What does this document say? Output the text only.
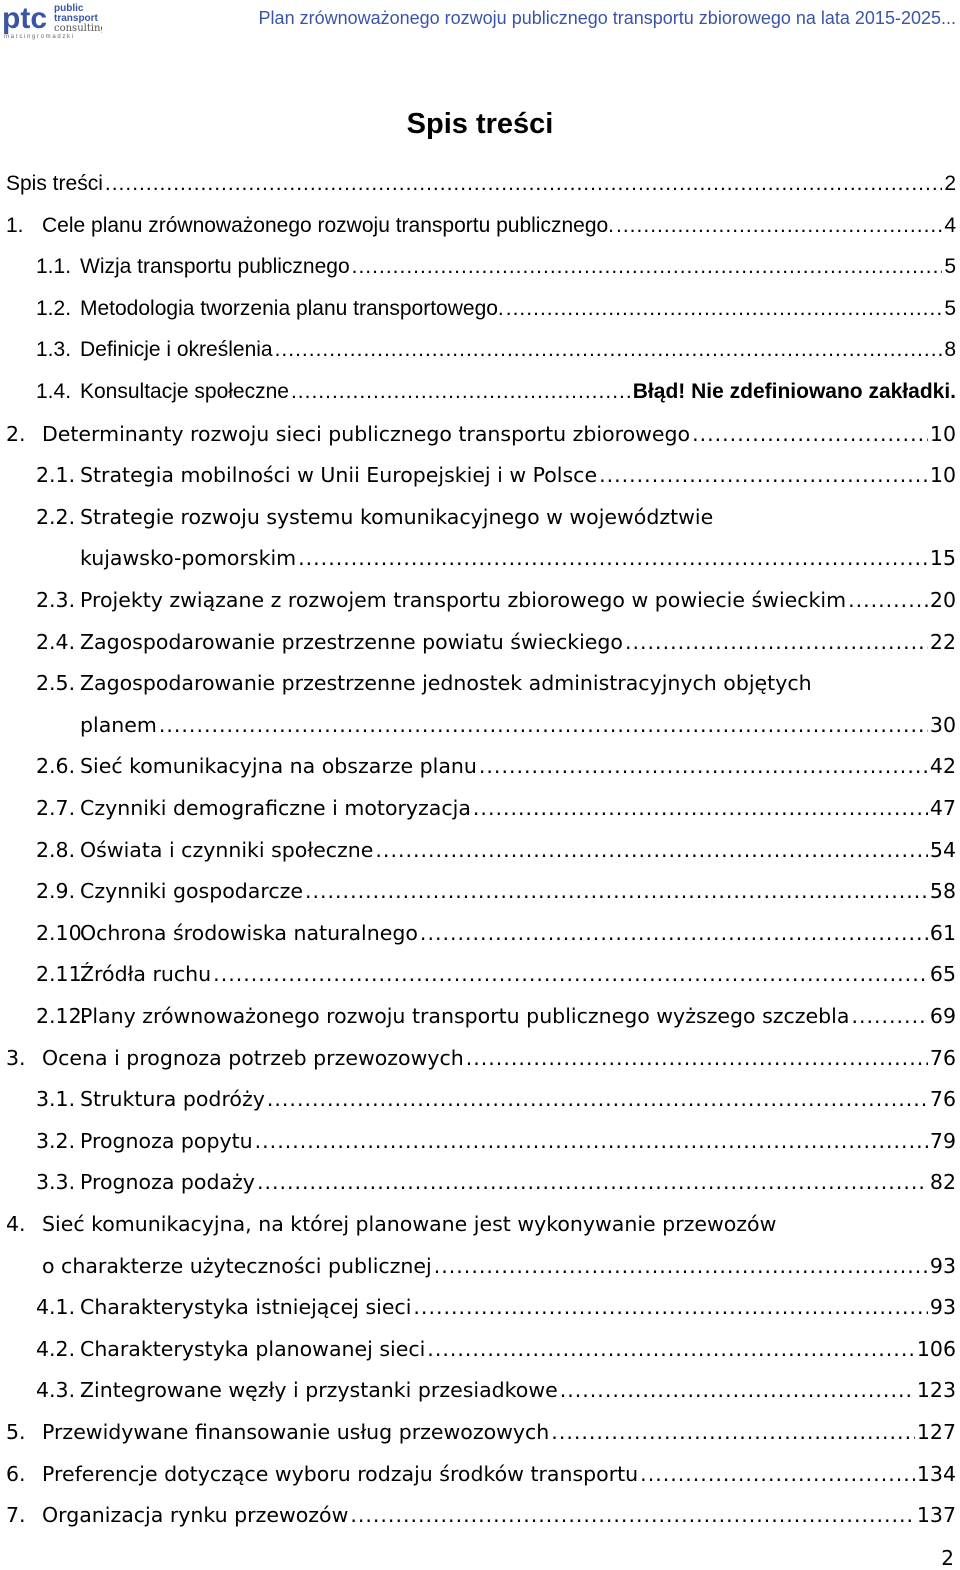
ptc public
transport
consulting
m a r c i n g r o m a d z k i
Plan zrównoważonego rozwoju publicznego transportu zbiorowego na lata 2015-2025...
Spis treści
Spis treści .....	2
1. Cele planu zrównoważonego rozwoju transportu publicznego. .....	4
1.1. Wizja transportu publicznego .....	5
1.2. Metodologia tworzenia planu transportowego. .....	5
1.3. Definicje i określenia .....	8
1.4. Konsultacje społeczne .....	Błąd! Nie zdefiniowano zakładki.
2. Determinanty rozwoju sieci publicznego transportu zbiorowego .....	10
2.1. Strategia mobilności w Unii Europejskiej i w Polsce .....	10
2.2. Strategie rozwoju systemu komunikacyjnego w województwie
kujawsko-pomorskim .....	15
2.3. Projekty związane z rozwojem transportu zbiorowego w powiecie świeckim .....	20
2.4. Zagospodarowanie przestrzenne powiatu świeckiego .....	22
2.5. Zagospodarowanie przestrzenne jednostek administracyjnych objętych
planem .....	30
2.6. Sieć komunikacyjna na obszarze planu .....	42
2.7. Czynniki demograficzne i motoryzacja .....	47
2.8. Oświata i czynniki społeczne .....	54
2.9. Czynniki gospodarcze .....	58
2.10.
Ochrona środowiska naturalnego .....	61
2.11.
Źródła ruchu .....	65
2.12.
Plany zrównoważonego rozwoju transportu publicznego wyższego szczebla .....	69
3. Ocena i prognoza potrzeb przewozowych .....	76
3.1. Struktura podróży .....	76
3.2. Prognoza popytu .....	79
3.3. Prognoza podaży .....	82
4. Sieć komunikacyjna, na której planowane jest wykonywanie przewozów
o charakterze użyteczności publicznej .....	93
4.1. Charakterystyka istniejącej sieci .....	93
4.2. Charakterystyka planowanej sieci .....	106
4.3. Zintegrowane węzły i przystanki przesiadkowe .....	123
5. Przewidywane finansowanie usług przewozowych .....	127
6. Preferencje dotyczące wyboru rodzaju środków transportu .....	134
7. Organizacja rynku przewozów .....	137
2
